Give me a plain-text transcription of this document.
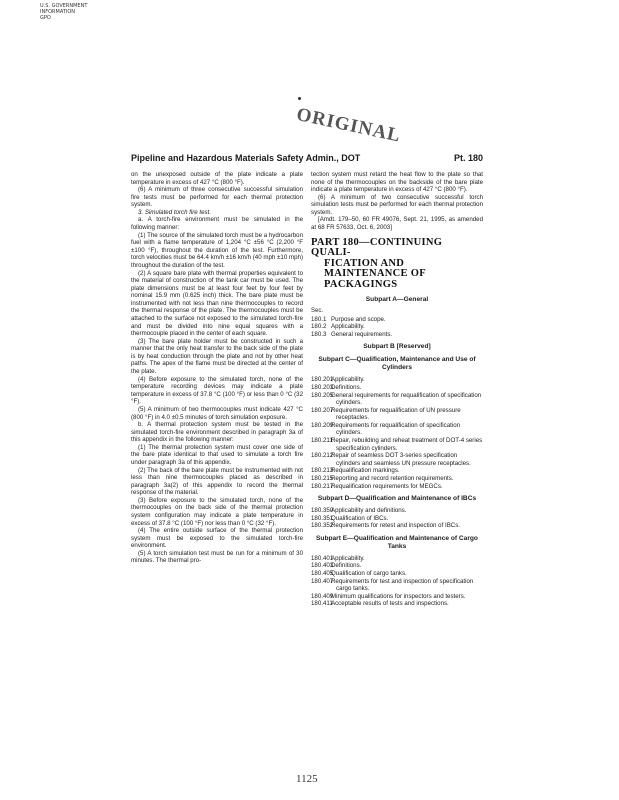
U.S. GOVERNMENT
INFORMATION
GPO
ORIGINAL
Pipeline and Hazardous Materials Safety Admin., DOT	Pt. 180

on the unexposed outside of the plate indicate a plate temperature in excess of 427 °C (800 °F).

(6) A minimum of three consecutive successful simulation fire tests must be performed for each thermal protection system.

3. Simulated torch fire test.

a. A torch-fire environment must be simulated in the following manner:

(1) The source of the simulated torch must be a hydrocarbon fuel with a flame temperature of 1,204 °C ±56 °C (2,200 °F ±100 °F), throughout the duration of the test. Furthermore, torch velocities must be 64.4 km/h ±16 km/h (40 mph ±10 mph) throughout the duration of the test.

(2) A square bare plate with thermal properties equivalent to the material of construction of the tank car must be used. The plate dimensions must be at least four feet by four feet by nominal 15.9 mm (0.625 inch) thick. The bare plate must be instrumented with not less than nine thermocouples to record the thermal response of the plate. The thermocouples must be attached to the surface not exposed to the simulated torch-fire and must be divided into nine equal squares with a thermocouple placed in the center of each square.

(3) The bare plate holder must be constructed in such a manner that the only heat transfer to the back side of the plate is by heat conduction through the plate and not by other heat paths. The apex of the flame must be directed at the center of the plate.

(4) Before exposure to the simulated torch, none of the temperature recording devices may indicate a plate temperature in excess of 37.8 °C (100 °F) or less than 0 °C (32 °F).

(5) A minimum of two thermocouples must indicate 427 °C (800 °F) in 4.0 ±0.5 minutes of torch simulation exposure.

b. A thermal protection system must be tested in the simulated torch-fire environment described in paragraph 3a of this appendix in the following manner:

(1) The thermal protection system must cover one side of the bare plate identical to that used to simulate a torch fire under paragraph 3a of this appendix.

(2) The back of the bare plate must be instrumented with not less than nine thermocouples placed as described in paragraph 3a(2) of this appendix to record the thermal response of the material.

(3) Before exposure to the simulated torch, none of the thermocouples on the back side of the thermal protection system configuration may indicate a plate temperature in excess of 37.8 °C (100 °F) nor less than 0 °C (32 °F).

(4) The entire outside surface of the thermal protection system must be exposed to the simulated torch-fire environment.

(5) A torch simulation test must be run for a minimum of 30 minutes. The thermal pro-

tection system must retard the heat flow to the plate so that none of the thermocouples on the backside of the bare plate indicate a plate temperature in excess of 427 °C (800 °F).

(6) A minimum of two consecutive successful torch simulation tests must be performed for each thermal protection system.

[Amdt. 179–50, 60 FR 49076, Sept. 21, 1995, as amended at 68 FR 57633, Oct. 6, 2003]

PART 180—CONTINUING QUALI-
FICATION AND MAINTENANCE OF PACKAGINGS
Subpart A—General
Sec.
180.1 Purpose and scope.
180.2 Applicability.
180.3 General requirements.
Subpart B [Reserved]
Subpart C—Qualification, Maintenance and Use of Cylinders
180.201
Applicability.
180.203
Definitions.
180.205
General requirements for requalification of specification cylinders.
180.207
Requirements for requalification of UN pressure receptacles.
180.209
Requirements for requalification of specification cylinders.
180.211
Repair, rebuilding and reheat treatment of DOT-4 series specification cylinders.
180.212
Repair of seamless DOT 3-series specification cylinders and seamless UN pressure receptacles.
180.213
Requalification markings.
180.215
Reporting and record retention requirements.
180.217
Requalification requirements for MEGCs.
Subpart D—Qualification and Maintenance of IBCs
180.350
Applicability and definitions.
180.351
Qualification of IBCs.
180.352
Requirements for retest and inspection of IBCs.
Subpart E—Qualification and Maintenance of Cargo Tanks
180.401
Applicability.
180.403
Definitions.
180.405
Qualification of cargo tanks.
180.407
Requirements for test and inspection of specification cargo tanks.
180.409
Minimum qualifications for inspectors and testers.
180.411
Acceptable results of tests and inspections.
1125
